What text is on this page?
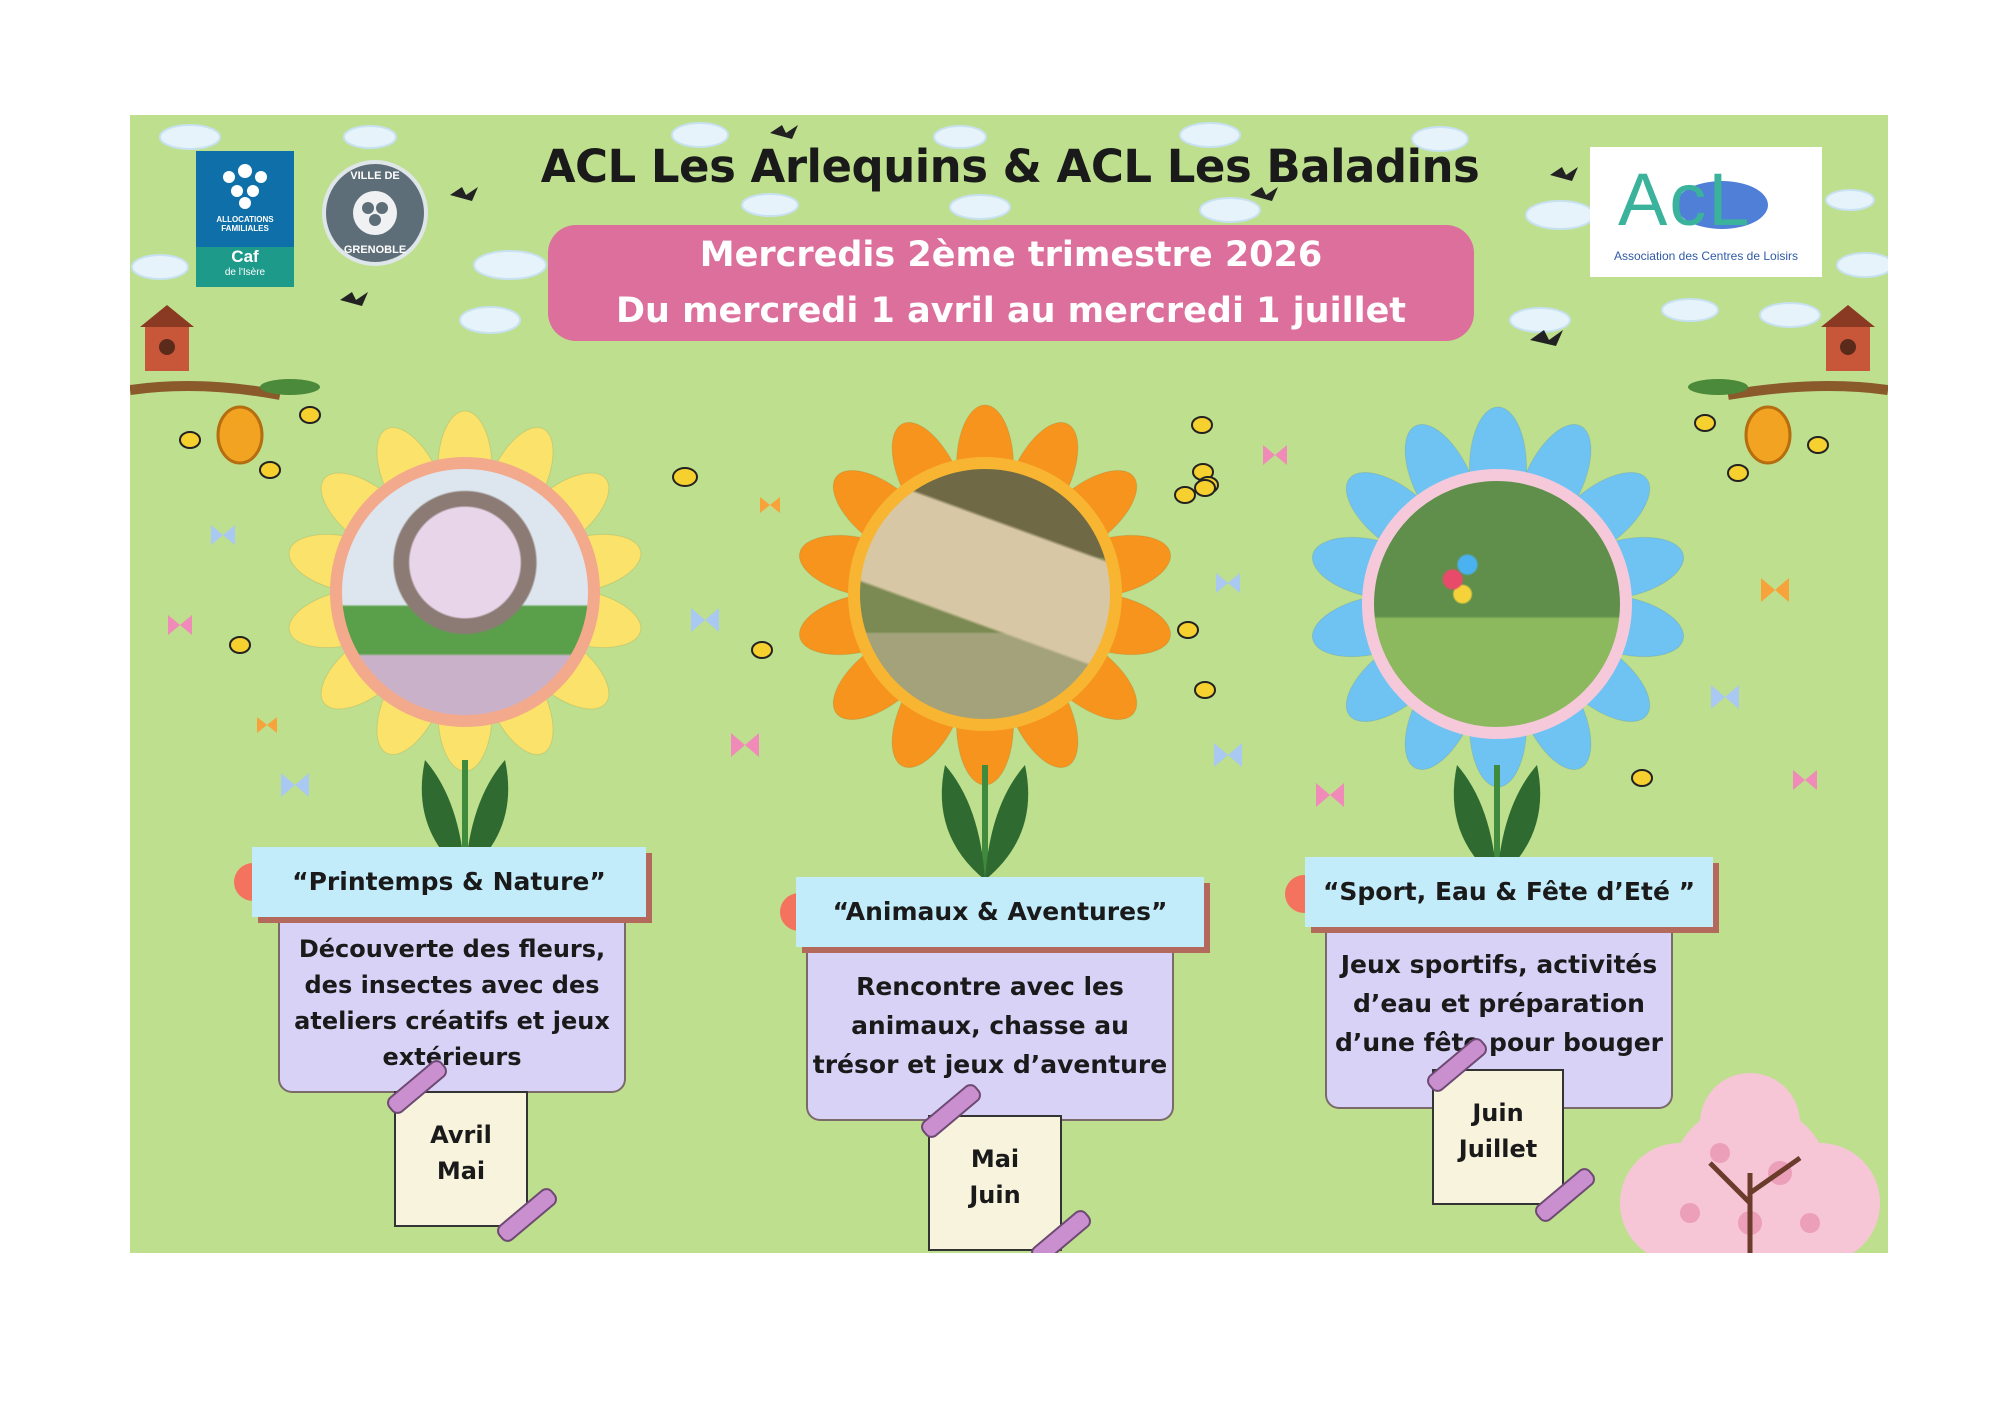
ALLOCATIONS FAMILIALES
Caf
de l'Isère
VILLE DE
GRENOBLE
AcL
Association des Centres de Loisirs
ACL Les Arlequins & ACL Les Baladins
Mercredis 2ème trimestre 2026
Du mercredi 1 avril au mercredi 1 juillet
“Printemps & Nature”
Découverte des fleurs, des insectes avec des ateliers créatifs et jeux extérieurs
Avril
Mai
“Animaux & Aventures”
Rencontre avec les animaux, chasse au trésor et jeux d’aventure
Mai
Juin
“Sport, Eau & Fête d’Eté ”
Jeux sportifs, activités d’eau et préparation d’une fête pour bouger
Juin
Juillet
